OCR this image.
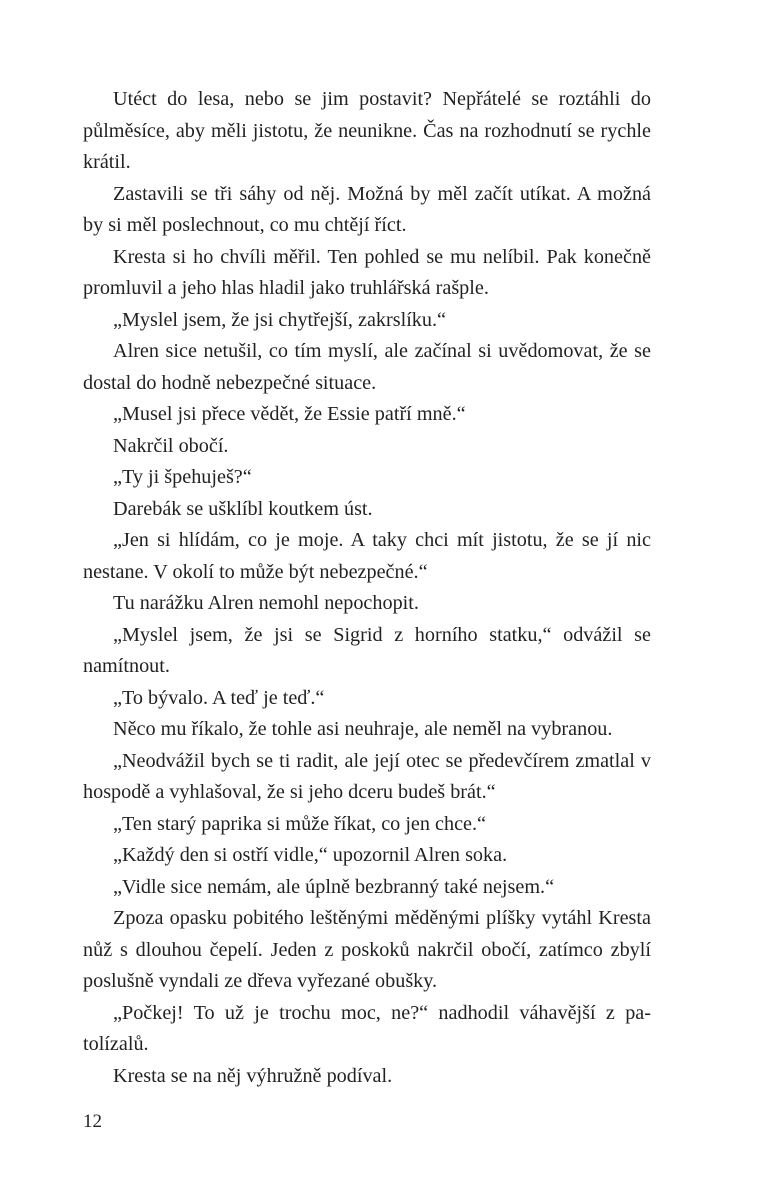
Utéct do lesa, nebo se jim postavit? Nepřátelé se roztáhli do půlměsíce, aby měli jistotu, že neunikne. Čas na rozhodnutí se rychle krátil.

Zastavili se tři sáhy od něj. Možná by měl začít utíkat. A možná by si měl poslechnout, co mu chtějí říct.

Kresta si ho chvíli měřil. Ten pohled se mu nelíbil. Pak konečně promluvil a jeho hlas hladil jako truhlářská rašple.

„Myslel jsem, že jsi chytřejší, zakrslíku.“

Alren sice netušil, co tím myslí, ale začínal si uvědomovat, že se dostal do hodně nebezpečné situace.

„Musel jsi přece vědět, že Essie patří mně.“

Nakrčil obočí.

„Ty ji špehuješ?“

Darebák se ušklíbl koutkem úst.

„Jen si hlídám, co je moje. A taky chci mít jistotu, že se jí nic nestane. V okolí to může být nebezpečné.“

Tu narážku Alren nemohl nepochopit.

„Myslel jsem, že jsi se Sigrid z horního statku,“ odvážil se namítnout.

„To bývalo. A teď je teď.“

Něco mu říkalo, že tohle asi neuhraje, ale neměl na vybranou.

„Neodvážil bych se ti radit, ale její otec se předevčírem zmatlal v hospodě a vyhlašoval, že si jeho dceru budeš brát.“

„Ten starý paprika si může říkat, co jen chce.“

„Každý den si ostří vidle,“ upozornil Alren soka.

„Vidle sice nemám, ale úplně bezbranný také nejsem.“

Zpoza opasku pobitého leštěnými měděnými plíšky vytáhl Kresta nůž s dlouhou čepelí. Jeden z poskoků nakrčil obočí, zatímco zbylí poslušně vyndali ze dřeva vyřezané obušky.

„Počkej! To už je trochu moc, ne?“ nadhodil váhavější z patolízalů.

Kresta se na něj výhružně podíval.

12
